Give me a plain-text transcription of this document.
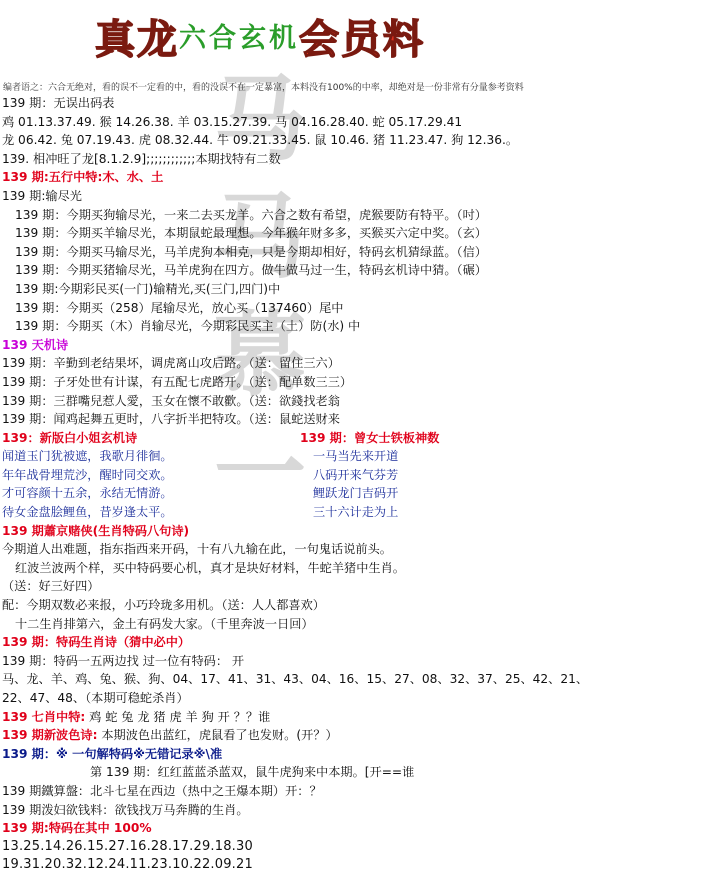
马
马
慕
一
真龙六合玄机会员料
编者语之：六合无绝对，看的误不一定看的中，看的没误不在一定暴富，本料没有100%的中率，却绝对是一份非常有分量参考资料
139 期：无误出码表
鸡 01.13.37.49. 猴 14.26.38. 羊 03.15.27.39. 马 04.16.28.40. 蛇 05.17.29.41
龙 06.42. 兔 07.19.43. 虎 08.32.44. 牛 09.21.33.45. 鼠 10.46. 猪 11.23.47. 狗 12.36.。
139. 相冲旺了龙[8.1.2.9];;;;;;;;;;;;本期找特有二数
139 期:五行中特:木、水、土
139 期:输尽光
139 期：今期买狗输尽光，一来二去买龙羊。六合之数有希望，虎猴要防有特平。（吋）
139 期：今期买羊输尽光，本期鼠蛇最理想。今年猴年财多多，买猴买六定中奖。（玄）
139 期：今期买马输尽光，马羊虎狗本相克，只是今期却相好，特码玄机猜绿蓝。（信）
139 期：今期买猪输尽光，马羊虎狗在四方。做牛做马过一生，特码玄机诗中猜。（碾）
139 期:今期彩民买(一门)输精光,买(三门,四门)中
139 期：今期买（258）尾输尽光，放心买（137460）尾中
139 期：今期买（木）肖输尽光，今期彩民买主（土）防(水) 中
139 天机诗
139 期：辛勤到老结果坏，调虎离山攻后路。（送：留住三六）
139 期：子牙处世有计谋，有五配七虎路开。（送：配单数三三）
139 期：三群嘴兒惹人愛，玉女在懷不敢歡。（送：欲錢找老翁
139 期：闻鸡起舞五更时，八字折半把特攻。（送：鼠蛇送财来
139：新版白小姐玄机诗	139 期：曾女士铁板神数
闻道玉门犹被遮，我歌月徘徊。	一马当先来开道
年年战骨埋荒沙，醒时同交欢。	八码开来气芬芳
才可容颜十五余，永结无情游。	鲤跃龙门吉码开
待女金盘脍鲤鱼，昔岁逢太平。	三十六计走为上
139 期蕭京赌侠(生肖特码八句诗)
今期道人出难题，指东指西来开码，十有八九输在此，一句鬼话说前头。
红波兰波两个样，买中特码要心机，真才是块好材料，牛蛇羊猪中生肖。
（送：好三好四）
配：今期双数必来报，小巧玲珑多用机。（送：人人都喜欢）
十二生肖排第六，金土有码发大家。（千里奔波一日回）
139 期：特码生肖诗（猜中必中）
139 期：特码一五两边找 过一位有特码： 开
马、龙、羊、鸡、兔、猴、狗、04、17、41、31、43、04、16、15、27、08、32、37、25、42、21、
22、47、48、（本期可稳蛇杀肖）
139 七肖中特: 鸡 蛇 兔 龙 猪 虎 羊 狗 开 ？？谁
139 期新波色诗: 本期波色出蓝红，虎鼠看了也发财。(开？）
139 期：※ 一句解特码※无错记录※\准
第 139 期：红红蓝蓝杀蓝双，鼠牛虎狗来中本期。[开==谁
139 期鐵算盤：北斗七星在西边（热中之王爆本期）开：？
139 期泼妇欲钱料：欲钱找万马奔腾的生肖。
139 期:特码在其中 100%
13.25.14.26.15.27.16.28.17.29.18.30
19.31.20.32.12.24.11.23.10.22.09.21
